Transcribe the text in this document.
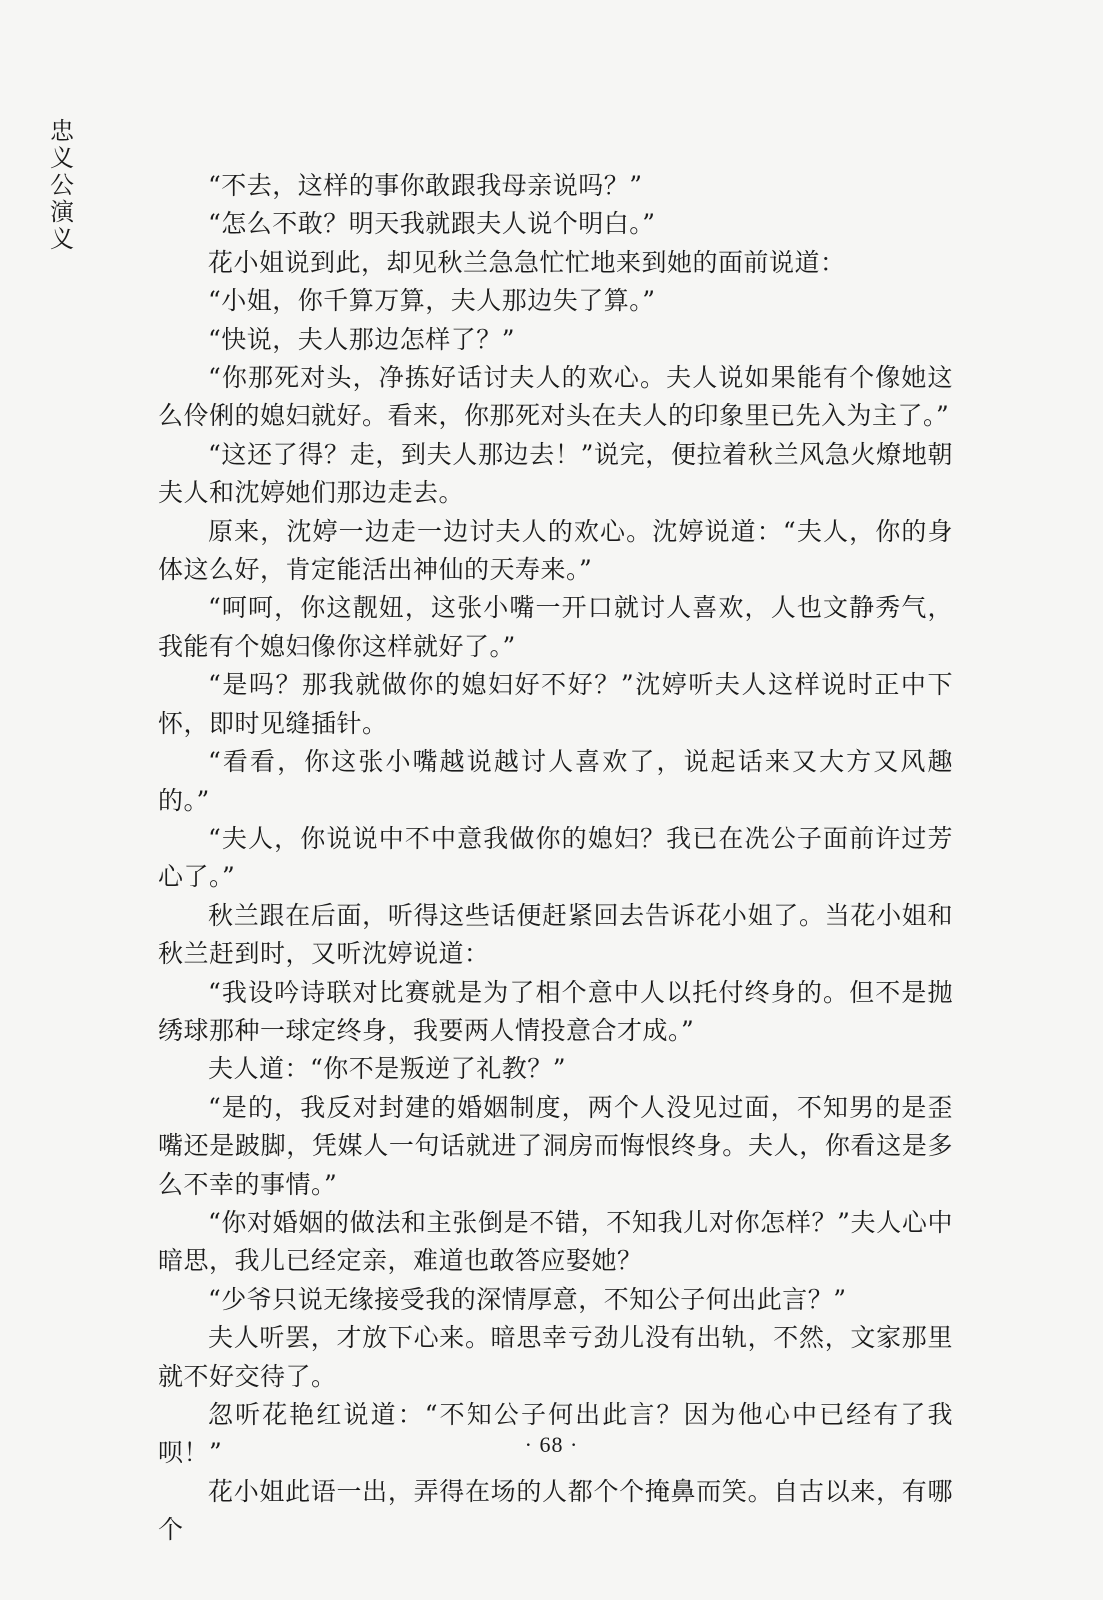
忠
义
公
演
义

“不去，这样的事你敢跟我母亲说吗？”

“怎么不敢？明天我就跟夫人说个明白。”

花小姐说到此，却见秋兰急急忙忙地来到她的面前说道：

“小姐，你千算万算，夫人那边失了算。”

“快说，夫人那边怎样了？”

“你那死对头，净拣好话讨夫人的欢心。夫人说如果能有个像她这么伶俐的媳妇就好。看来，你那死对头在夫人的印象里已先入为主了。”

“这还了得？走，到夫人那边去！”说完，便拉着秋兰风急火燎地朝夫人和沈婷她们那边走去。

原来，沈婷一边走一边讨夫人的欢心。沈婷说道：“夫人，你的身体这么好，肯定能活出神仙的天寿来。”

“呵呵，你这靓妞，这张小嘴一开口就讨人喜欢，人也文静秀气，我能有个媳妇像你这样就好了。”

“是吗？那我就做你的媳妇好不好？”沈婷听夫人这样说时正中下怀，即时见缝插针。

“看看，你这张小嘴越说越讨人喜欢了，说起话来又大方又风趣的。”

“夫人，你说说中不中意我做你的媳妇？我已在冼公子面前许过芳心了。”

秋兰跟在后面，听得这些话便赶紧回去告诉花小姐了。当花小姐和秋兰赶到时，又听沈婷说道：

“我设吟诗联对比赛就是为了相个意中人以托付终身的。但不是抛绣球那种一球定终身，我要两人情投意合才成。”

夫人道：“你不是叛逆了礼教？”

“是的，我反对封建的婚姻制度，两个人没见过面，不知男的是歪嘴还是跛脚，凭媒人一句话就进了洞房而悔恨终身。夫人，你看这是多么不幸的事情。”

“你对婚姻的做法和主张倒是不错，不知我儿对你怎样？”夫人心中暗思，我儿已经定亲，难道也敢答应娶她？

“少爷只说无缘接受我的深情厚意，不知公子何出此言？”

夫人听罢，才放下心来。暗思幸亏劲儿没有出轨，不然，文家那里就不好交待了。

忽听花艳红说道：“不知公子何出此言？因为他心中已经有了我呗！”

花小姐此语一出，弄得在场的人都个个掩鼻而笑。自古以来，有哪个

· 68 ·
